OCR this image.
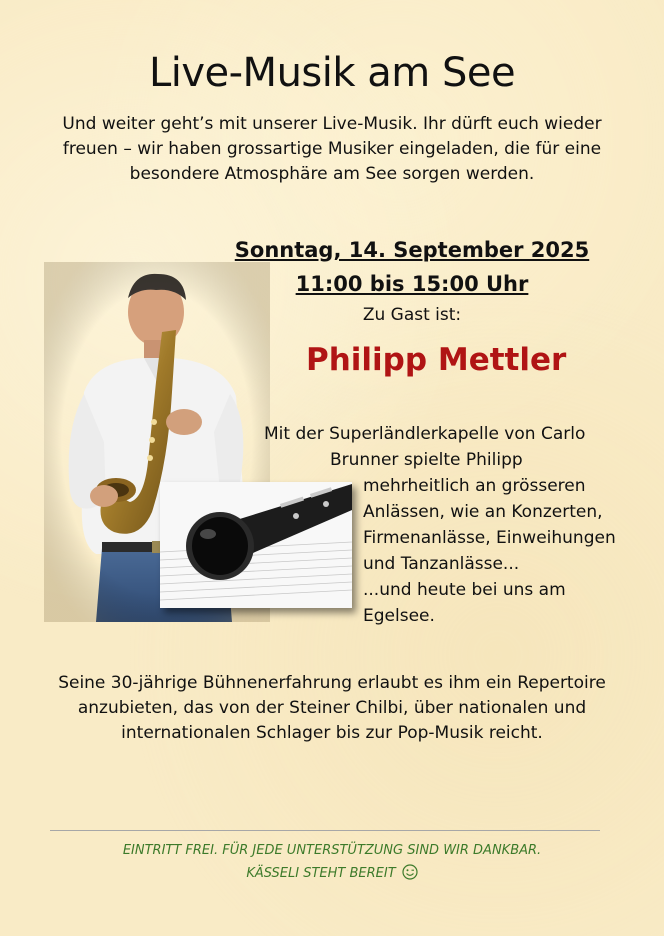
Live-Musik am See
Und weiter geht’s mit unserer Live-Musik. Ihr dürft euch wieder freuen – wir haben grossartige Musiker eingeladen, die für eine besondere Atmosphäre am See sorgen werden.
Sonntag, 14. September 2025
11:00 bis 15:00 Uhr
Zu Gast ist:
Philipp Mettler
Mit der Superländlerkapelle von Carlo
Brunner spielte Philipp
mehrheitlich an grösseren
Anlässen, wie an Konzerten,
Firmenanlässe, Einweihungen
und Tanzanlässe...
...und heute bei uns am
Egelsee.
Seine 30-jährige Bühnenerfahrung erlaubt es ihm ein Repertoire anzubieten, das von der Steiner Chilbi, über nationalen und internationalen Schlager bis zur Pop-Musik reicht.
EINTRITT FREI. FÜR JEDE UNTERSTÜTZUNG SIND WIR DANKBAR.
KÄSSELI STEHT BEREIT
